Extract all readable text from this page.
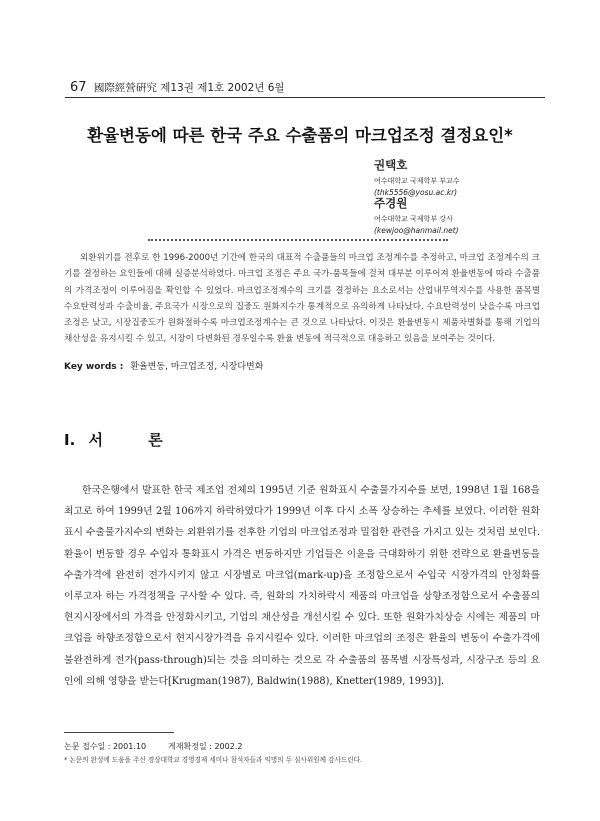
67 國際經營硏究 제13권 제1호 2002년 6월
환율변동에 따른 한국 주요 수출품의 마크업조정 결정요인*
권택호
여수대학교 국제학부 부교수
(thk5556@yosu.ac.kr)
주경원
여수대학교 국제학부 강사
(kewjoo@hanmail.net)
외환위기를 전후로 한 1996-2000년 기간에 한국의 대표적 수출품들의 마크업 조정계수를 추정하고, 마크업 조정계수의 크기를 결정하는 요인들에 대해 실증분석하였다. 마크업 조정은 주요 국가-품목들에 걸쳐 대부분 이루어져 환율변동에 따라 수출품의 가격조정이 이루어짐을 확인할 수 있었다. 마크업조정계수의 크기를 결정하는 요소로서는 산업내무역지수를 사용한 품목별 수요탄력성과 수출비율, 주요국가 시장으로의 집중도 원화지수가 통계적으로 유의하게 나타났다. 수요탄력성이 낮을수록 마크업 조정은 낮고, 시장집중도가 원화절하수록 마크업조정계수는 큰 것으로 나타났다. 이것은 환율변동시 제품차별화를 통해 기업의 채산성을 유지시킬 수 있고, 시장이 다변화된 경우일수록 환율 변동에 적극적으로 대응하고 있음을 보여주는 것이다.
Key words : 환율변동, 마크업조정, 시장다변화
Ⅰ. 서 론
한국은행에서 발표한 한국 제조업 전체의 1995년 기준 원화표시 수출물가지수를 보면, 1998년 1월 168을 최고로 하여 1999년 2월 106까지 하락하였다가 1999년 이후 다시 소폭 상승하는 추세를 보였다. 이러한 원화표시 수출물가지수의 변화는 외환위기를 전후한 기업의 마크업조정과 밀접한 관련을 가지고 있는 것처럼 보인다. 환율이 변동할 경우 수입자 통화표시 가격은 변동하지만 기업들은 이윤을 극대화하기 위한 전략으로 환율변동을 수출가격에 완전히 전가시키지 않고 시장별로 마크업(mark-up)을 조정함으로서 수입국 시장가격의 안정화를 이루고자 하는 가격정책을 구사할 수 있다. 즉, 원화의 가치하락시 제품의 마크업을 상향조정함으로서 수출품의 현지시장에서의 가격을 안정화시키고, 기업의 채산성을 개선시킬 수 있다. 또한 원화가치상승 시에는 제품의 마크업을 하향조정함으로서 현지시장가격을 유지시킬수 있다. 이러한 마크업의 조정은 환율의 변동이 수출가격에 불완전하게 전가(pass-through)되는 것을 의미하는 것으로 각 수출품의 품목별 시장특성과, 시장구조 등의 요인에 의해 영향을 받는다[Krugman(1987), Baldwin(1988), Knetter(1989, 1993)].
논문 접수일 : 2001.10	게재확정일 : 2002.2
* 논문의 완성에 도움을 주신 경상대학교 경영경제 세미나 참석자들과 익명의 두 심사위원께 감사드린다.
